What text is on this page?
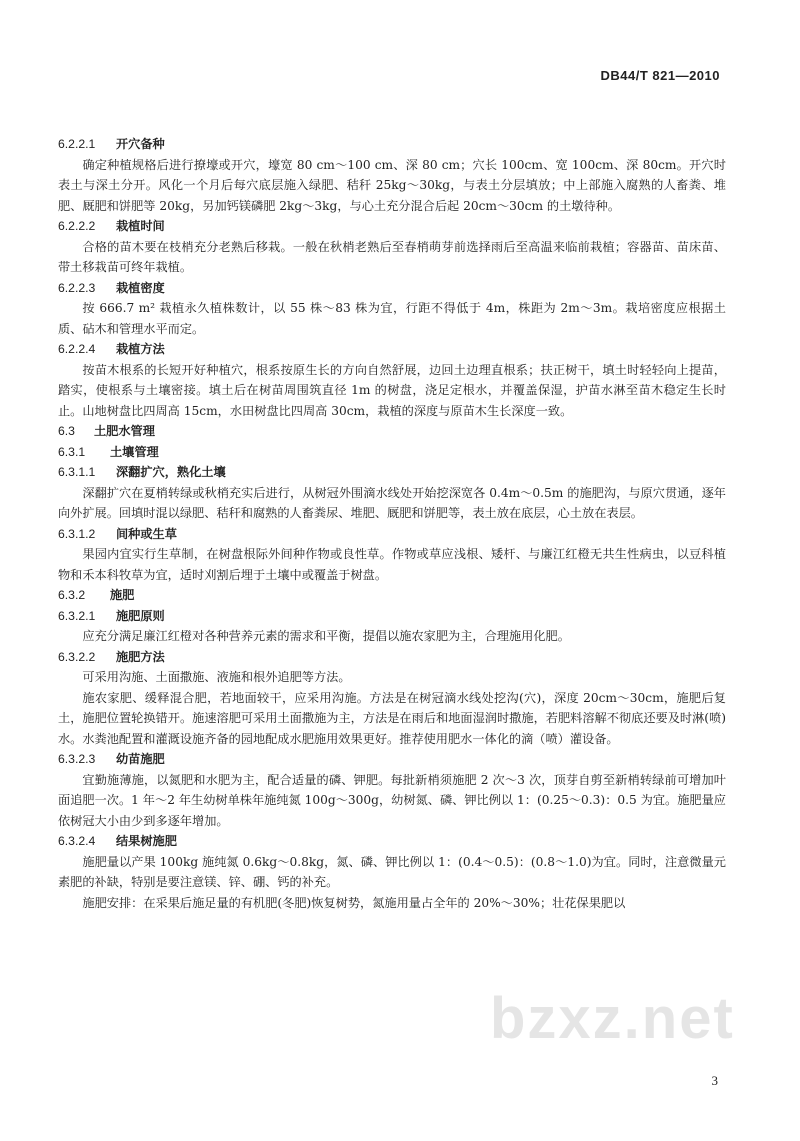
DB44/T 821—2010
6.2.2.1 开穴备种
确定种植规格后进行撩壕或开穴，壕宽 80 cm～100 cm、深 80 cm；穴长 100cm、宽 100cm、深 80cm。开穴时表土与深土分开。风化一个月后每穴底层施入绿肥、秸秆 25kg～30kg，与表土分层填放；中上部施入腐熟的人畜粪、堆肥、厩肥和饼肥等 20kg，另加钙镁磷肥 2kg～3kg，与心土充分混合后起 20cm～30cm 的土墩待种。
6.2.2.2 栽植时间
合格的苗木要在枝梢充分老熟后移栽。一般在秋梢老熟后至春梢萌芽前选择雨后至高温来临前栽植；容器苗、苗床苗、带土移栽苗可终年栽植。
6.2.2.3 栽植密度
按 666.7 m² 栽植永久植株数计，以 55 株～83 株为宜，行距不得低于 4m，株距为 2m～3m。栽培密度应根据土质、砧木和管理水平而定。
6.2.2.4 栽植方法
按苗木根系的长短开好种植穴，根系按原生长的方向自然舒展，边回土边理直根系；扶正树干，填土时轻轻向上提苗，踏实，使根系与土壤密接。填土后在树苗周围筑直径 1m 的树盘，浇足定根水，并覆盖保湿，护苗水淋至苗木稳定生长时止。山地树盘比四周高 15cm，水田树盘比四周高 30cm，栽植的深度与原苗木生长深度一致。
6.3 土肥水管理
6.3.1 土壤管理
6.3.1.1 深翻扩穴，熟化土壤
深翻扩穴在夏梢转绿或秋梢充实后进行，从树冠外围滴水线处开始挖深宽各 0.4m～0.5m 的施肥沟，与原穴贯通，逐年向外扩展。回填时混以绿肥、秸秆和腐熟的人畜粪尿、堆肥、厩肥和饼肥等，表土放在底层，心土放在表层。
6.3.1.2 间种或生草
果园内宜实行生草制，在树盘根际外间种作物或良性草。作物或草应浅根、矮杆、与廉江红橙无共生性病虫，以豆科植物和禾本科牧草为宜，适时刈割后埋于土壤中或覆盖于树盘。
6.3.2 施肥
6.3.2.1 施肥原则
应充分满足廉江红橙对各种营养元素的需求和平衡，提倡以施农家肥为主，合理施用化肥。
6.3.2.2 施肥方法
可采用沟施、土面撒施、液施和根外追肥等方法。
施农家肥、缓释混合肥，若地面较干，应采用沟施。方法是在树冠滴水线处挖沟(穴)，深度 20cm～30cm，施肥后复土，施肥位置轮换错开。施速溶肥可采用土面撒施为主，方法是在雨后和地面湿润时撒施，若肥料溶解不彻底还要及时淋(喷)水。水粪池配置和灌溉设施齐备的园地配成水肥施用效果更好。推荐使用肥水一体化的滴（喷）灌设备。
6.3.2.3 幼苗施肥
宜勤施薄施，以氮肥和水肥为主，配合适量的磷、钾肥。每批新梢须施肥 2 次～3 次，顶芽自剪至新梢转绿前可增加叶面追肥一次。1 年～2 年生幼树单株年施纯氮 100g～300g，幼树氮、磷、钾比例以 1：(0.25～0.3)：0.5 为宜。施肥量应依树冠大小由少到多逐年增加。
6.3.2.4 结果树施肥
施肥量以产果 100kg 施纯氮 0.6kg～0.8kg，氮、磷、钾比例以 1：(0.4～0.5)：(0.8～1.0)为宜。同时，注意微量元素肥的补缺，特别是要注意镁、锌、硼、钙的补充。
施肥安排：在采果后施足量的有机肥(冬肥)恢复树势，氮施用量占全年的 20%～30%；壮花保果肥以
bzxz.net
3
